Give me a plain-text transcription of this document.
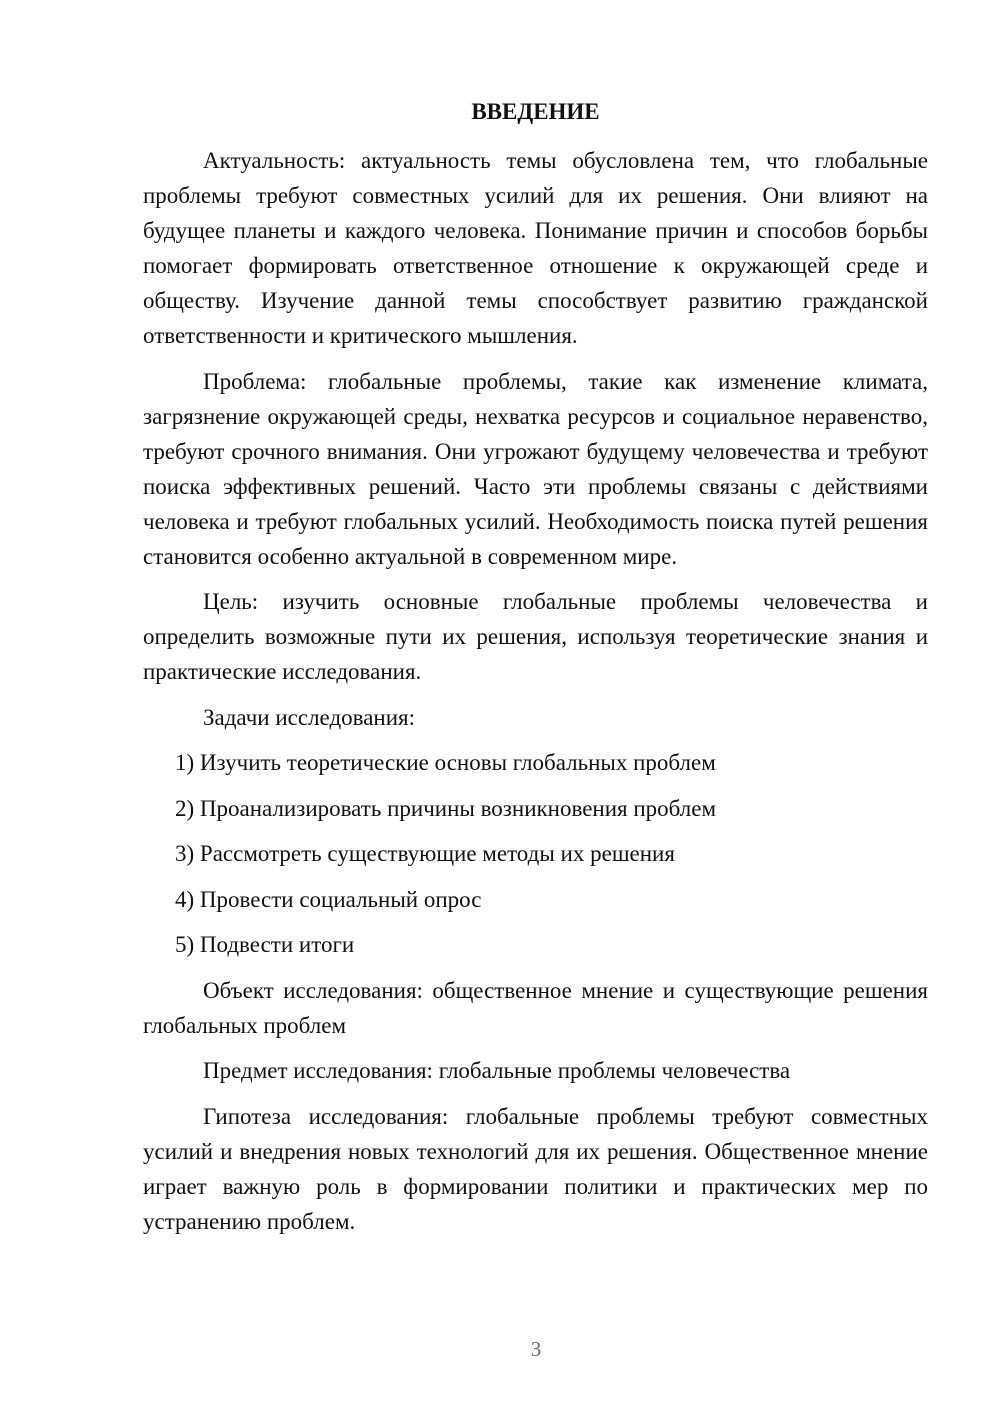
ВВЕДЕНИЕ

Актуальность: актуальность темы обусловлена тем, что глобальные проблемы требуют совместных усилий для их решения. Они влияют на будущее планеты и каждого человека. Понимание причин и способов борьбы помогает формировать ответственное отношение к окружающей среде и обществу. Изучение данной темы способствует развитию гражданской ответственности и критического мышления.

Проблема: глобальные проблемы, такие как изменение климата, загрязнение окружающей среды, нехватка ресурсов и социальное неравенство, требуют срочного внимания. Они угрожают будущему человечества и требуют поиска эффективных решений. Часто эти проблемы связаны с действиями человека и требуют глобальных усилий. Необходимость поиска путей решения становится особенно актуальной в современном мире.

Цель: изучить основные глобальные проблемы человечества и определить возможные пути их решения, используя теоретические знания и практические исследования.

Задачи исследования:

1) Изучить теоретические основы глобальных проблем
2) Проанализировать причины возникновения проблем
3) Рассмотреть существующие методы их решения
4) Провести социальный опрос
5) Подвести итоги

Объект исследования: общественное мнение и существующие решения глобальных проблем

Предмет исследования: глобальные проблемы человечества

Гипотеза исследования: глобальные проблемы требуют совместных усилий и внедрения новых технологий для их решения. Общественное мнение играет важную роль в формировании политики и практических мер по устранению проблем.

3
